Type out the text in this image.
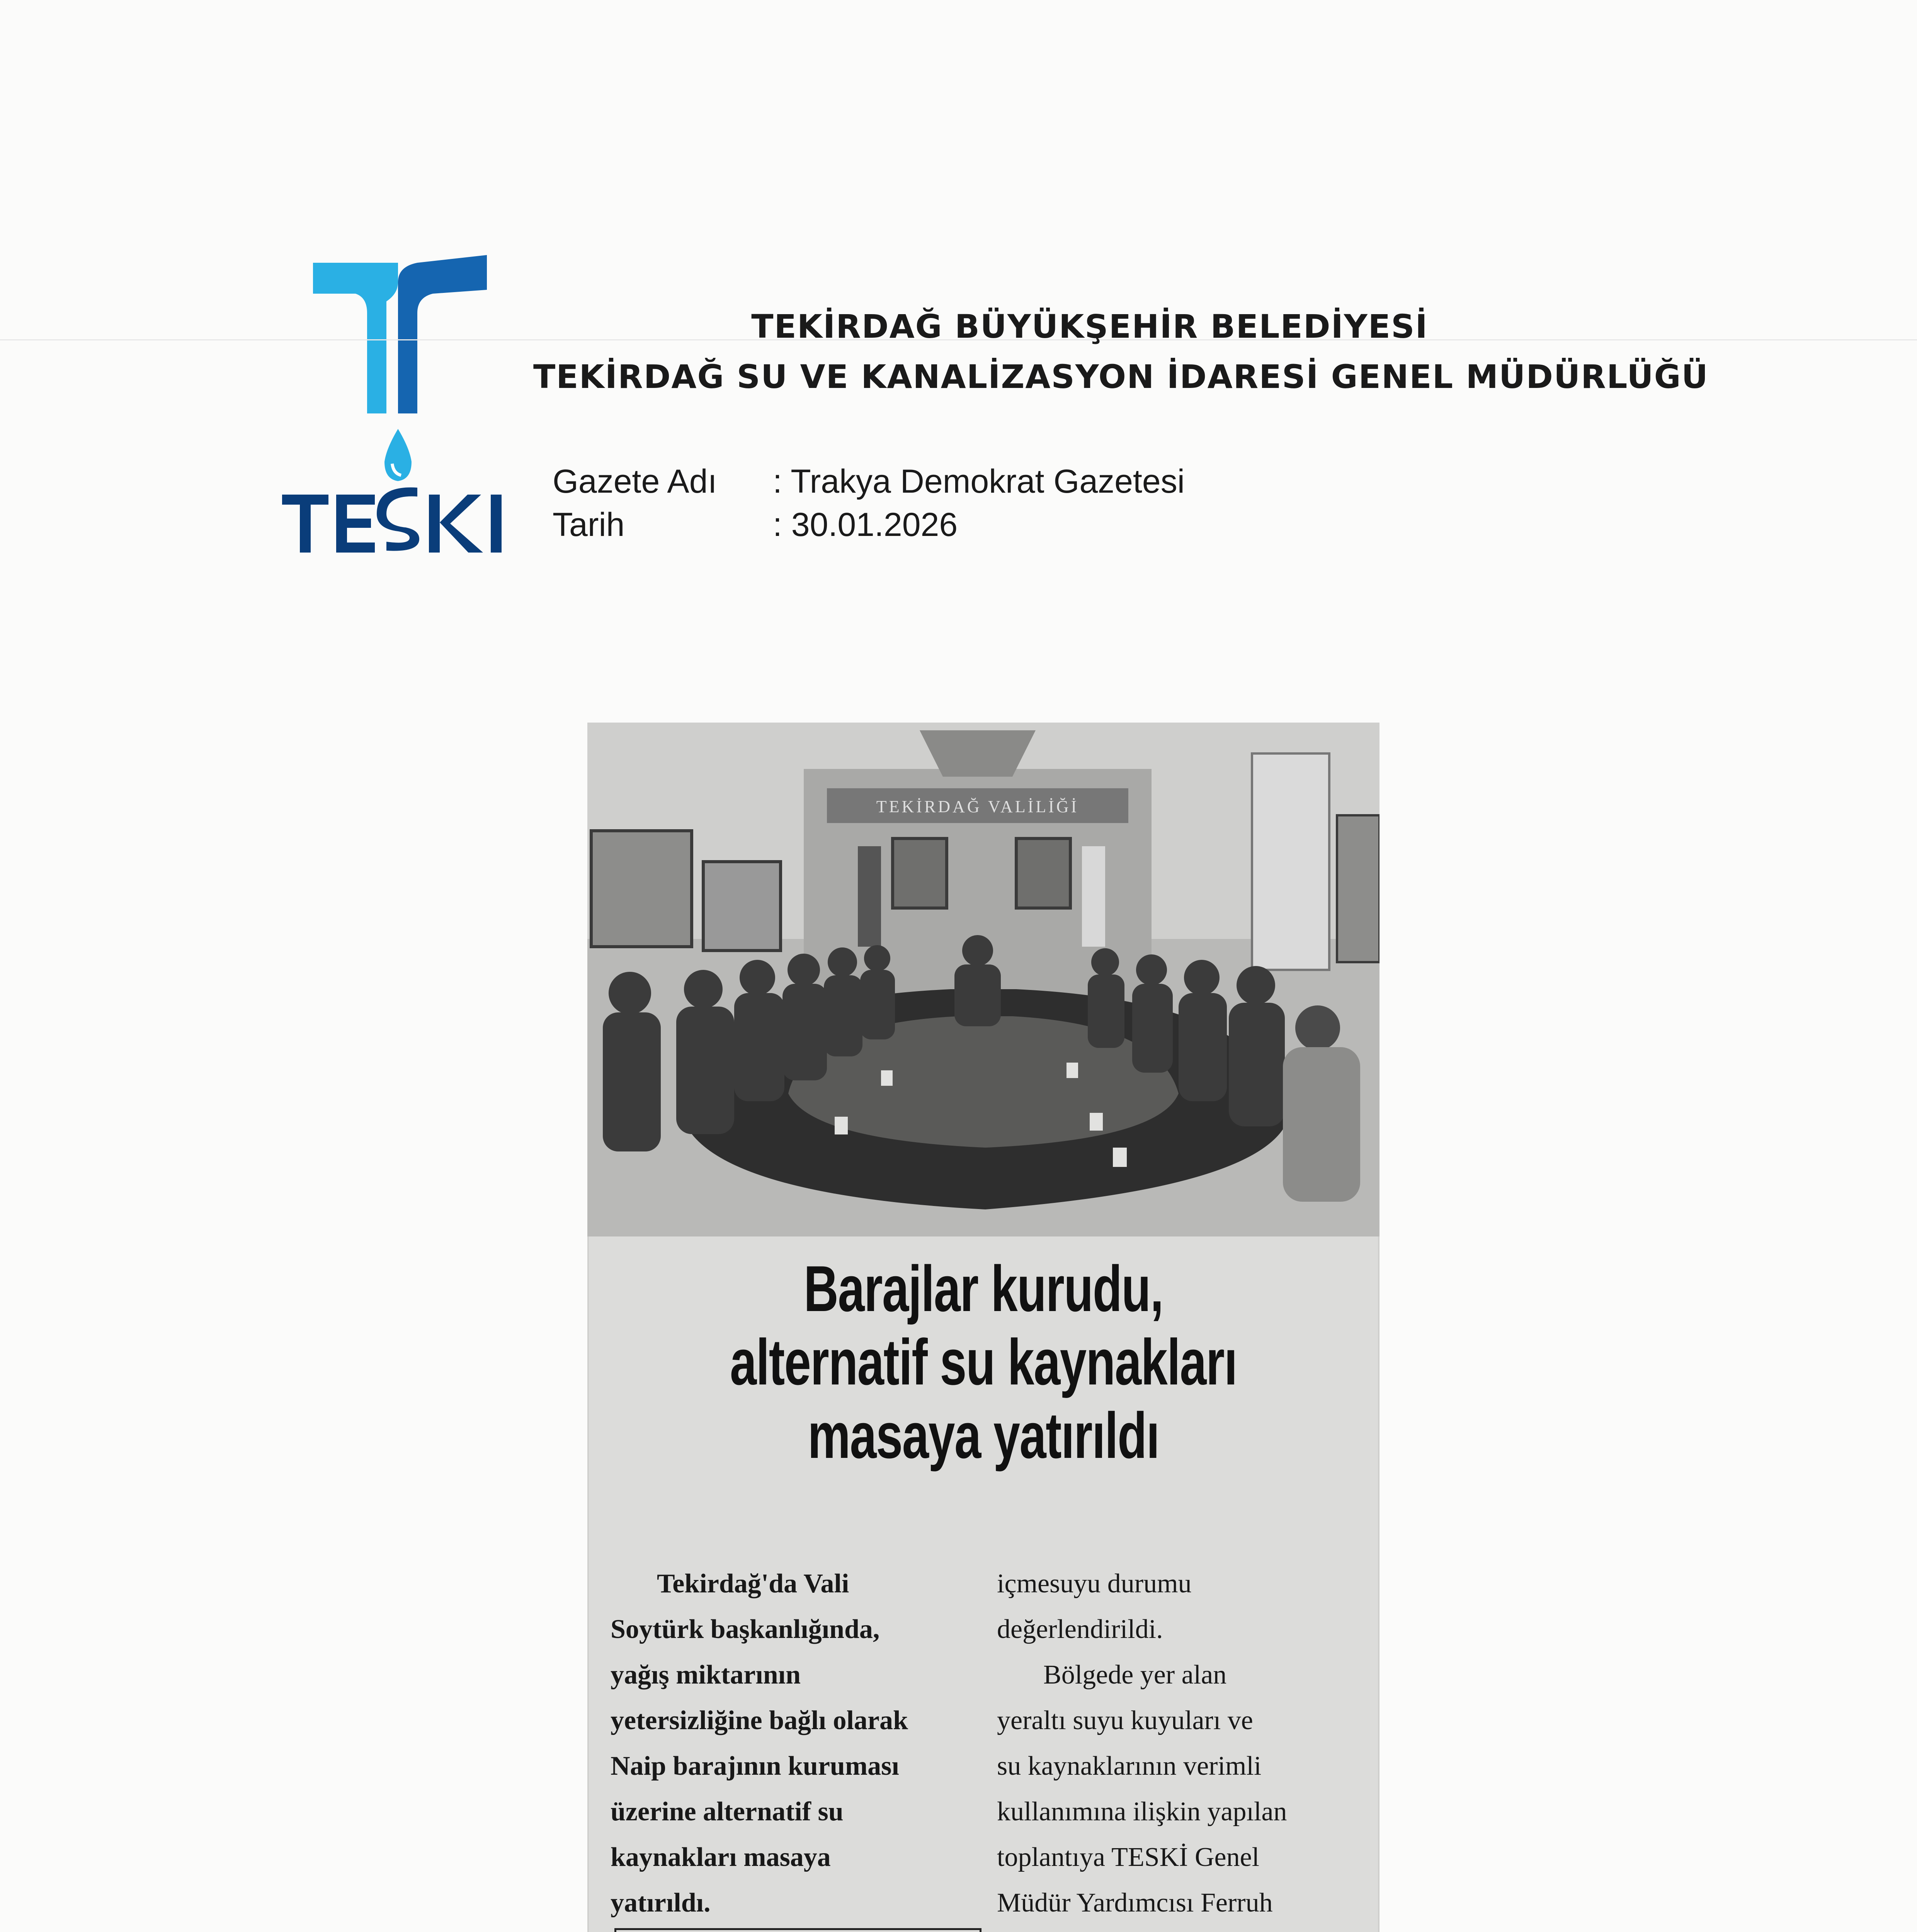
TEKİRDAĞ BÜYÜKŞEHİR BELEDİYESİ
TEKİRDAĞ SU VE KANALİZASYON İDARESİ GENEL MÜDÜRLÜĞÜ
Gazete Adı	: Trakya Demokrat Gazetesi
Tarih	: 30.01.2026
TEKİRDAĞ VALİLİĞİ
Barajlar kurudu,
alternatif su kaynakları
masaya yatırıldı

Tekirdağ'da Vali

Soytürk başkanlığında,

yağış miktarının

yetersizliğine bağlı olarak

Naip barajının kuruması

üzerine alternatif su

kaynakları masaya

yatırıldı.

içmesuyu durumu

değerlendirildi.

Bölgede yer alan

yeraltı suyu kuyuları ve

su kaynaklarının verimli

kullanımına ilişkin yapılan

toplantıya TESKİ Genel

Müdür Yardımcısı Ferruh
